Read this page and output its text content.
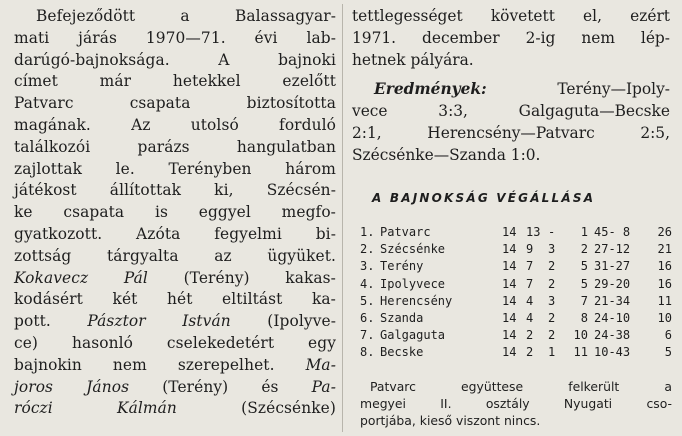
Befejeződött a Balassagyar-
mati járás 1970—71. évi lab-
darúgó-bajnoksága. A bajnoki
címet már hetekkel ezelőtt
Patvarc csapata biztosította
magának. Az utolsó forduló
találkozói parázs hangulatban
zajlottak le. Terényben három
játékost állítottak ki, Szécsén-
ke csapata is eggyel megfo-
gyatkozott. Azóta fegyelmi bi-
zottság tárgyalta az ügyüket.
Kokavecz Pál (Terény) kakas-
kodásért két hét eltiltást ka-
pott. Pásztor István (Ipolyve-
ce) hasonló cselekedetért egy
bajnokin nem szerepelhet. Ma-
joros János (Terény) és Pa-
róczi Kálmán (Szécsénke)

tettlegességet követett el, ezért
1971. december 2-ig nem lép-
hetnek pályára.

Eredmények: Terény—Ipoly-
vece 3:3, Galgaguta—Becske
2:1, Herencsény—Patvarc 2:5,
Szécsénke—Szanda 1:0.

A BAJNOKSÁG VÉGÁLLÁSA
1. Patvarc	14 13 -	1 45- 8	26
2. Szécsénke	14 9 3	2 27-12	21
3. Terény	14 7 2	5 31-27	16
4. Ipolyvece	14 7 2	5 29-20	16
5. Herencsény	14 4 3	7 21-34	11
6. Szanda	14 4 2	8 24-10	10
7. Galgaguta	14 2 2	10 24-38	6
8. Becske	14 2 1	11 10-43	5
Patvarc együttese felkerült a
megyei II. osztály Nyugati cso-
portjába, kieső viszont nincs.
